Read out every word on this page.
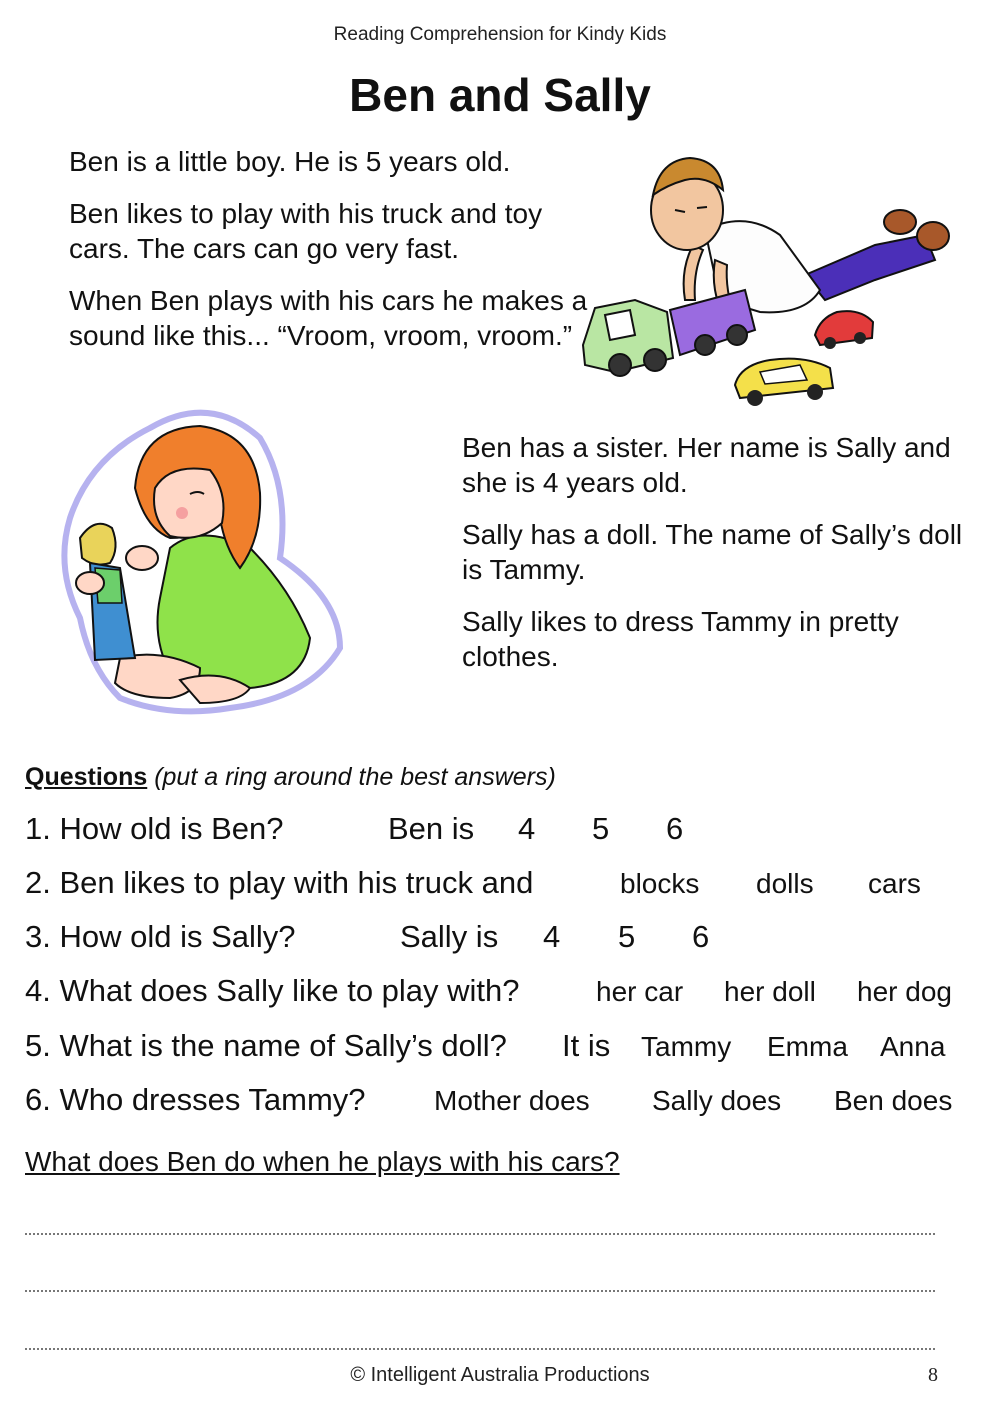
Reading Comprehension for Kindy Kids
Ben and Sally

Ben is a little boy. He is 5 years old.

Ben likes to play with his truck and toy cars. The cars can go very fast.

When Ben plays with his cars he makes a sound like this... “Vroom, vroom, vroom.”

Ben has a sister. Her name is Sally and she is 4 years old.

Sally has a doll. The name of Sally’s doll is Tammy.

Sally likes to dress Tammy in pretty clothes.

Questions (put a ring around the best answers)
1. How old is Ben?	Ben is 4 5 6
2. Ben likes to play with his truck and	blocks dolls cars
3. How old is Sally?	Sally is 4 5 6
4. What does Sally like to play with?	her car her doll her dog
5. What is the name of Sally’s doll? It is Tammy Emma Anna
6. Who dresses Tammy? Mother does Sally does Ben does
What does Ben do when he plays with his cars?
© Intelligent Australia Productions	8
